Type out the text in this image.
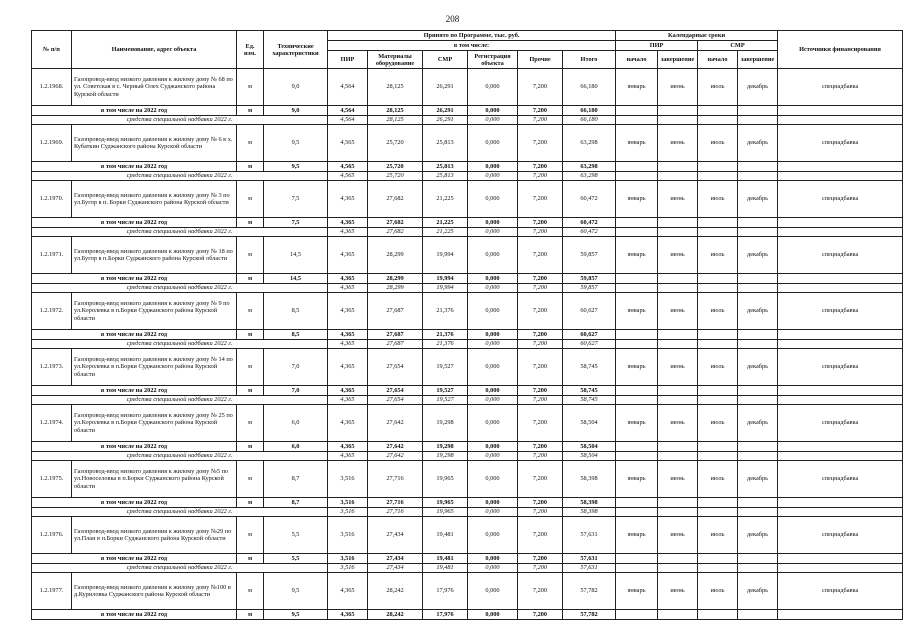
208
№ п/п	Наименование, адрес объекта	Ед. изм.	Технические характеристики	Принято по Программе, тыс. руб.						Календарные сроки				Источники финансирования
				в том числе:						ПИР		СМР		
				ПИР	Материалы оборудование	СМР	Регистрация объекта	Прочие	Итого	начало	завершение	начало	завершение	
1.2.1968.	Газопровод-ввод низкого давления к жилому дому № 68 по ул. Советская в с. Черный Олех Суджанского района Курской области	м	9,0	4,564	28,125	26,291	0,000	7,200	66,180	январь	июнь	июль	декабрь	спецнадбавка
в том числе на 2022 год		м	9,0	4,564	28,125	26,291	0,000	7,200	66,180					
средства специальной надбавки 2022 г.				4,564	28,125	26,291	0,000	7,200	66,180					
1.2.1969.	Газопровод-ввод низкого давления к жилому дому № 6 в х. Кубаткин Суджанского района Курской области	м	9,5	4,565	25,720	25,813	0,000	7,200	63,298	январь	июнь	июль	декабрь	спецнадбавка
в том числе на 2022 год		м	9,5	4,565	25,720	25,813	0,000	7,200	63,298					
средства специальной надбавки 2022 г.				4,565	25,720	25,813	0,000	7,200	63,298					
1.2.1970.	Газопровод-ввод низкого давления к жилому дому № 3 по ул.Бугор в п. Борки Суджанского района Курской области	м	7,5	4,365	27,682	21,225	0,000	7,200	60,472	январь	июнь	июль	декабрь	спецнадбавка
в том числе на 2022 год		м	7,5	4,365	27,682	21,225	0,000	7,200	60,472					
средства специальной надбавки 2022 г.				4,365	27,682	21,225	0,000	7,200	60,472					
1.2.1971.	Газопровод-ввод низкого давления к жилому дому № 18 по ул.Бугор в п.Борки Суджанского района Курской области	м	14,5	4,365	28,299	19,994	0,000	7,200	59,857	январь	июнь	июль	декабрь	спецнадбавка
в том числе на 2022 год		м	14,5	4,365	28,299	19,994	0,000	7,200	59,857					
средства специальной надбавки 2022 г.				4,365	28,299	19,994	0,000	7,200	59,857					
1.2.1972.	Газопровод-ввод низкого давления к жилому дому № 9 по ул.Королевка в п.Борки Суджанского района Курской области	м	8,5	4,365	27,687	21,376	0,000	7,200	60,627	январь	июнь	июль	декабрь	спецнадбавка
в том числе на 2022 год		м	8,5	4,365	27,687	21,376	0,000	7,200	60,627					
средства специальной надбавки 2022 г.				4,365	27,687	21,376	0,000	7,200	60,627					
1.2.1973.	Газопровод-ввод низкого давления к жилому дому № 14 по ул.Королевка в п.Борки Суджанского района Курской области	м	7,0	4,365	27,654	19,527	0,000	7,200	58,745	январь	июнь	июль	декабрь	спецнадбавка
в том числе на 2022 год		м	7,0	4,365	27,654	19,527	0,000	7,200	58,745					
средства специальной надбавки 2022 г.				4,365	27,654	19,527	0,000	7,200	58,745					
1.2.1974.	Газопровод-ввод низкого давления к жилому дому № 25 по ул.Королевка в п.Борки Суджанского района Курской области	м	6,0	4,365	27,642	19,298	0,000	7,200	58,504	январь	июнь	июль	декабрь	спецнадбавка
в том числе на 2022 год		м	6,0	4,365	27,642	19,298	0,000	7,200	58,504					
средства специальной надбавки 2022 г.				4,365	27,642	19,298	0,000	7,200	58,504					
1.2.1975.	Газопровод-ввод низкого давления к жилому дому №5 по ул.Новоселовка в п.Борки Суджанского района Курской области	м	8,7	3,516	27,716	19,965	0,000	7,200	58,398	январь	июнь	июль	декабрь	спецнадбавка
в том числе на 2022 год		м	8,7	3,516	27,716	19,965	0,000	7,200	58,398					
средства специальной надбавки 2022 г.				3,516	27,716	19,965	0,000	7,200	58,398					
1.2.1976.	Газопровод-ввод низкого давления к жилому дому №29 по ул.План в п.Борки Суджанского района Курской области	м	5,5	3,516	27,434	19,481	0,000	7,200	57,631	январь	июнь	июль	декабрь	спецнадбавка
в том числе на 2022 год		м	5,5	3,516	27,434	19,481	0,000	7,200	57,631					
средства специальной надбавки 2022 г.				3,516	27,434	19,481	0,000	7,200	57,631					
1.2.1977.	Газопровод-ввод низкого давления к жилому дому №100 в д.Куриловка Суджанского района Курской области	м	9,5	4,365	28,242	17,976	0,000	7,200	57,782	январь	июнь	июль	декабрь	спецнадбавка
в том числе на 2022 год		м	9,5	4,365	28,242	17,976	0,000	7,200	57,782					
